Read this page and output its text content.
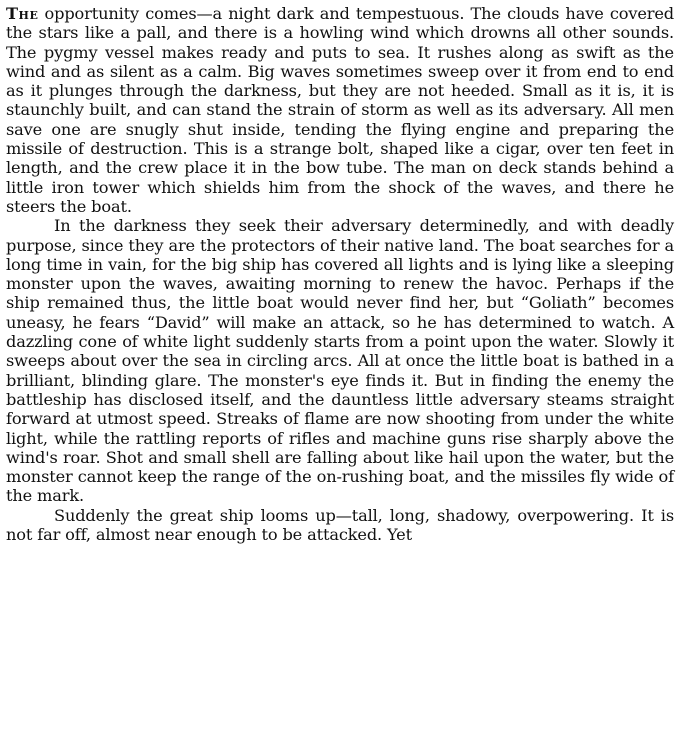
The opportunity comes—a night dark and tempestuous. The clouds have covered the stars like a pall, and there is a howling wind which drowns all other sounds. The pygmy vessel makes ready and puts to sea. It rushes along as swift as the wind and as silent as a calm. Big waves sometimes sweep over it from end to end as it plunges through the darkness, but they are not heeded. Small as it is, it is staunchly built, and can stand the strain of storm as well as its adversary. All men save one are snugly shut inside, tending the flying engine and preparing the missile of destruction. This is a strange bolt, shaped like a cigar, over ten feet in length, and the crew place it in the bow tube. The man on deck stands behind a little iron tower which shields him from the shock of the waves, and there he steers the boat.

In the darkness they seek their adversary determinedly, and with deadly purpose, since they are the protectors of their native land. The boat searches for a long time in vain, for the big ship has covered all lights and is lying like a sleeping monster upon the waves, awaiting morning to renew the havoc. Perhaps if the ship remained thus, the little boat would never find her, but “Goliath” becomes uneasy, he fears “David” will make an attack, so he has determined to watch. A dazzling cone of white light suddenly starts from a point upon the water. Slowly it sweeps about over the sea in circling arcs. All at once the little boat is bathed in a brilliant, blinding glare. The monster's eye finds it. But in finding the enemy the battleship has disclosed itself, and the dauntless little adversary steams straight forward at utmost speed. Streaks of flame are now shooting from under the white light, while the rattling reports of rifles and machine guns rise sharply above the wind's roar. Shot and small shell are falling about like hail upon the water, but the monster cannot keep the range of the on-rushing boat, and the missiles fly wide of the mark.

Suddenly the great ship looms up—tall, long, shadowy, overpowering. It is not far off, almost near enough to be attacked. Yet
